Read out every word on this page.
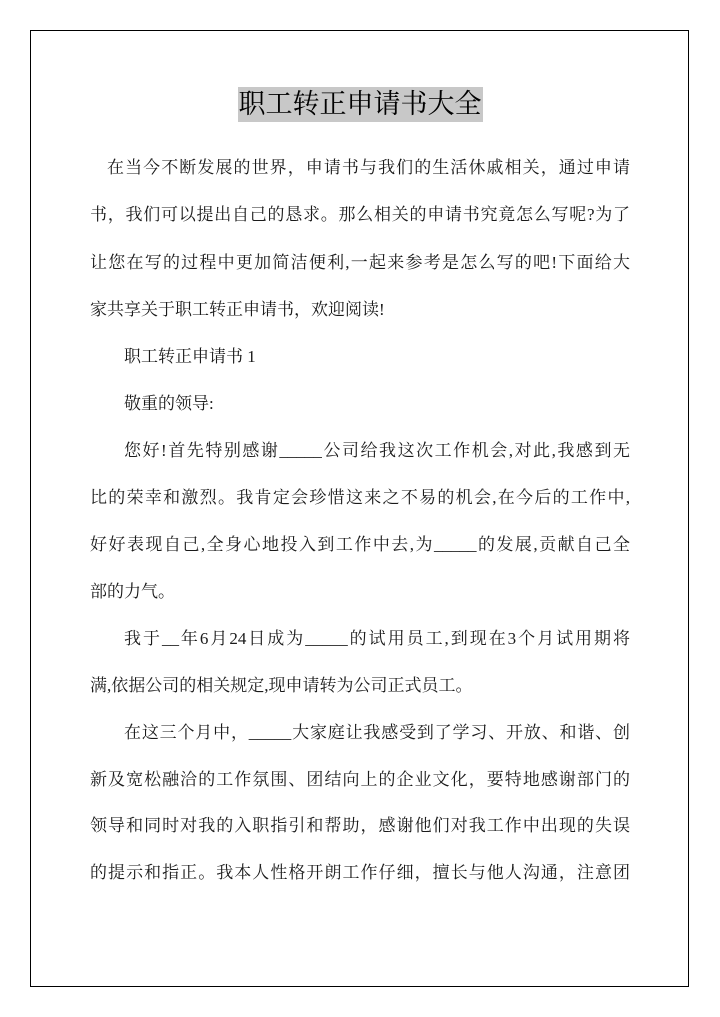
职工转正申请书大全
在当今不断发展的世界，申请书与我们的生活休戚相关，通过申请
书，我们可以提出自己的恳求。那么相关的申请书究竟怎么写呢?为了
让您在写的过程中更加简洁便利,一起来参考是怎么写的吧!下面给大
家共享关于职工转正申请书，欢迎阅读!
职工转正申请书 1
敬重的领导:
您好!首先特别感谢_____公司给我这次工作机会,对此,我感到无
比的荣幸和激烈。我肯定会珍惜这来之不易的机会,在今后的工作中,
好好表现自己,全身心地投入到工作中去,为_____的发展,贡献自己全
部的力气。
我于__年6月24日成为_____的试用员工,到现在3个月试用期将
满,依据公司的相关规定,现申请转为公司正式员工。
在这三个月中，_____大家庭让我感受到了学习、开放、和谐、创
新及宽松融洽的工作氛围、团结向上的企业文化，要特地感谢部门的
领导和同时对我的入职指引和帮助，感谢他们对我工作中出现的失误
的提示和指正。我本人性格开朗工作仔细，擅长与他人沟通，注意团
